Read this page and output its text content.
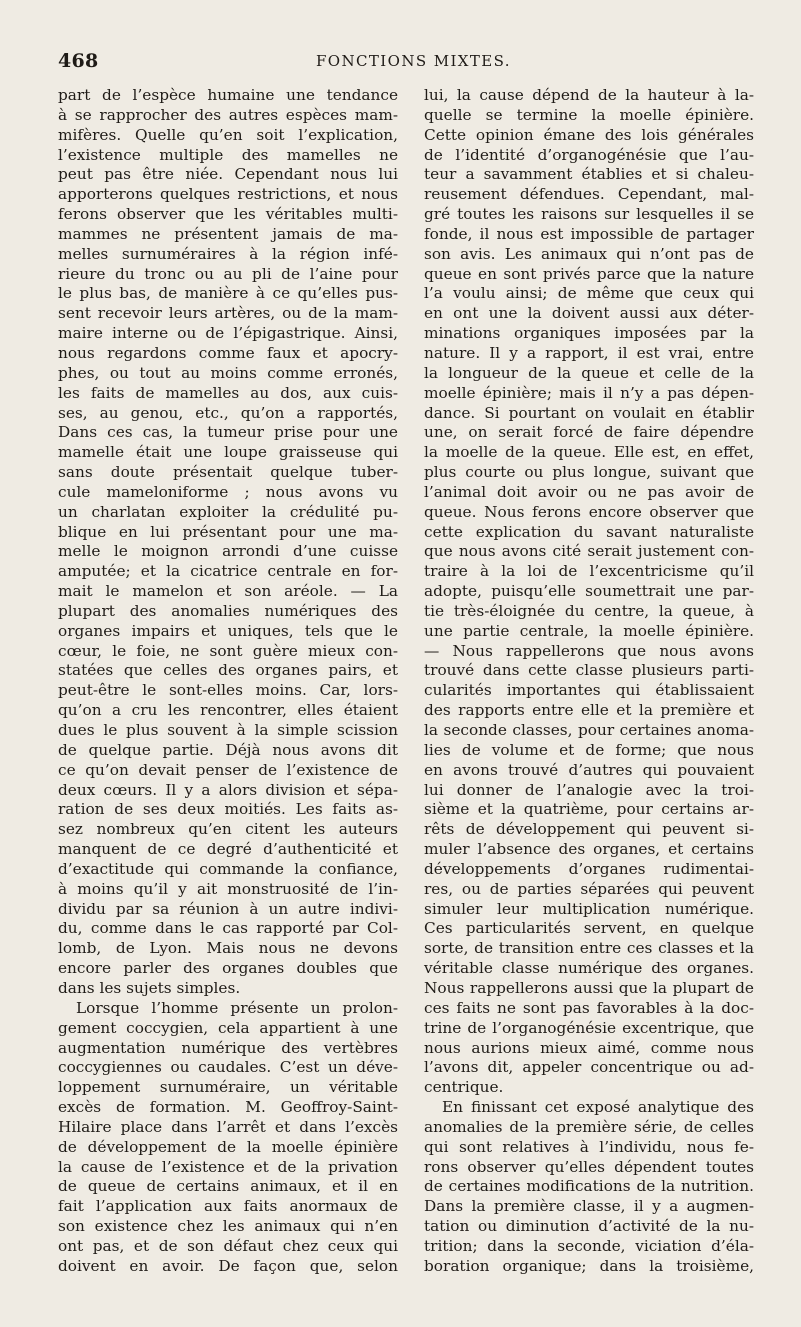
468	FONCTIONS MIXTES.
part de l’espèce humaine une tendance
à se rapprocher des autres espèces mam-
mifères. Quelle qu’en soit l’explication,
l’existence multiple des mamelles ne
peut pas être niée. Cependant nous lui
apporterons quelques restrictions, et nous
ferons observer que les véritables multi-
mammes ne présentent jamais de ma-
melles surnuméraires à la région infé-
rieure du tronc ou au pli de l’aine pour
le plus bas, de manière à ce qu’elles pus-
sent recevoir leurs artères, ou de la mam-
maire interne ou de l’épigastrique. Ainsi,
nous regardons comme faux et apocry-
phes, ou tout au moins comme erronés,
les faits de mamelles au dos, aux cuis-
ses, au genou, etc., qu’on a rapportés,
Dans ces cas, la tumeur prise pour une
mamelle était une loupe graisseuse qui
sans doute présentait quelque tuber-
cule mameloniforme ; nous avons vu
un charlatan exploiter la crédulité pu-
blique en lui présentant pour une ma-
melle le moignon arrondi d’une cuisse
amputée; et la cicatrice centrale en for-
mait le mamelon et son aréole. — La
plupart des anomalies numériques des
organes impairs et uniques, tels que le
cœur, le foie, ne sont guère mieux con-
statées que celles des organes pairs, et
peut-être le sont-elles moins. Car, lors-
qu’on a cru les rencontrer, elles étaient
dues le plus souvent à la simple scission
de quelque partie. Déjà nous avons dit
ce qu’on devait penser de l’existence de
deux cœurs. Il y a alors division et sépa-
ration de ses deux moitiés. Les faits as-
sez nombreux qu’en citent les auteurs
manquent de ce degré d’authenticité et
d’exactitude qui commande la confiance,
à moins qu’il y ait monstruosité de l’in-
dividu par sa réunion à un autre indivi-
du, comme dans le cas rapporté par Col-
lomb, de Lyon. Mais nous ne devons
encore parler des organes doubles que
dans les sujets simples.
Lorsque l’homme présente un prolon-
gement coccygien, cela appartient à une
augmentation numérique des vertèbres
coccygiennes ou caudales. C’est un déve-
loppement surnuméraire, un véritable
excès de formation. M. Geoffroy-Saint-
Hilaire place dans l’arrêt et dans l’excès
de développement de la moelle épinière
la cause de l’existence et de la privation
de queue de certains animaux, et il en
fait l’application aux faits anormaux de
son existence chez les animaux qui n’en
ont pas, et de son défaut chez ceux qui
doivent en avoir. De façon que, selon
lui, la cause dépend de la hauteur à la-
quelle se termine la moelle épinière.
Cette opinion émane des lois générales
de l’identité d’organogénésie que l’au-
teur a savamment établies et si chaleu-
reusement défendues. Cependant, mal-
gré toutes les raisons sur lesquelles il se
fonde, il nous est impossible de partager
son avis. Les animaux qui n’ont pas de
queue en sont privés parce que la nature
l’a voulu ainsi; de même que ceux qui
en ont une la doivent aussi aux déter-
minations organiques imposées par la
nature. Il y a rapport, il est vrai, entre
la longueur de la queue et celle de la
moelle épinière; mais il n’y a pas dépen-
dance. Si pourtant on voulait en établir
une, on serait forcé de faire dépendre
la moelle de la queue. Elle est, en effet,
plus courte ou plus longue, suivant que
l’animal doit avoir ou ne pas avoir de
queue. Nous ferons encore observer que
cette explication du savant naturaliste
que nous avons cité serait justement con-
traire à la loi de l’excentricisme qu’il
adopte, puisqu’elle soumettrait une par-
tie très-éloignée du centre, la queue, à
une partie centrale, la moelle épinière.
— Nous rappellerons que nous avons
trouvé dans cette classe plusieurs parti-
cularités importantes qui établissaient
des rapports entre elle et la première et
la seconde classes, pour certaines anoma-
lies de volume et de forme; que nous
en avons trouvé d’autres qui pouvaient
lui donner de l’analogie avec la troi-
sième et la quatrième, pour certains ar-
rêts de développement qui peuvent si-
muler l’absence des organes, et certains
développements d’organes rudimentai-
res, ou de parties séparées qui peuvent
simuler leur multiplication numérique.
Ces particularités servent, en quelque
sorte, de transition entre ces classes et la
véritable classe numérique des organes.
Nous rappellerons aussi que la plupart de
ces faits ne sont pas favorables à la doc-
trine de l’organogénésie excentrique, que
nous aurions mieux aimé, comme nous
l’avons dit, appeler concentrique ou ad-
centrique.
En finissant cet exposé analytique des
anomalies de la première série, de celles
qui sont relatives à l’individu, nous fe-
rons observer qu’elles dépendent toutes
de certaines modifications de la nutrition.
Dans la première classe, il y a augmen-
tation ou diminution d’activité de la nu-
trition; dans la seconde, viciation d’éla-
boration organique; dans la troisième,
